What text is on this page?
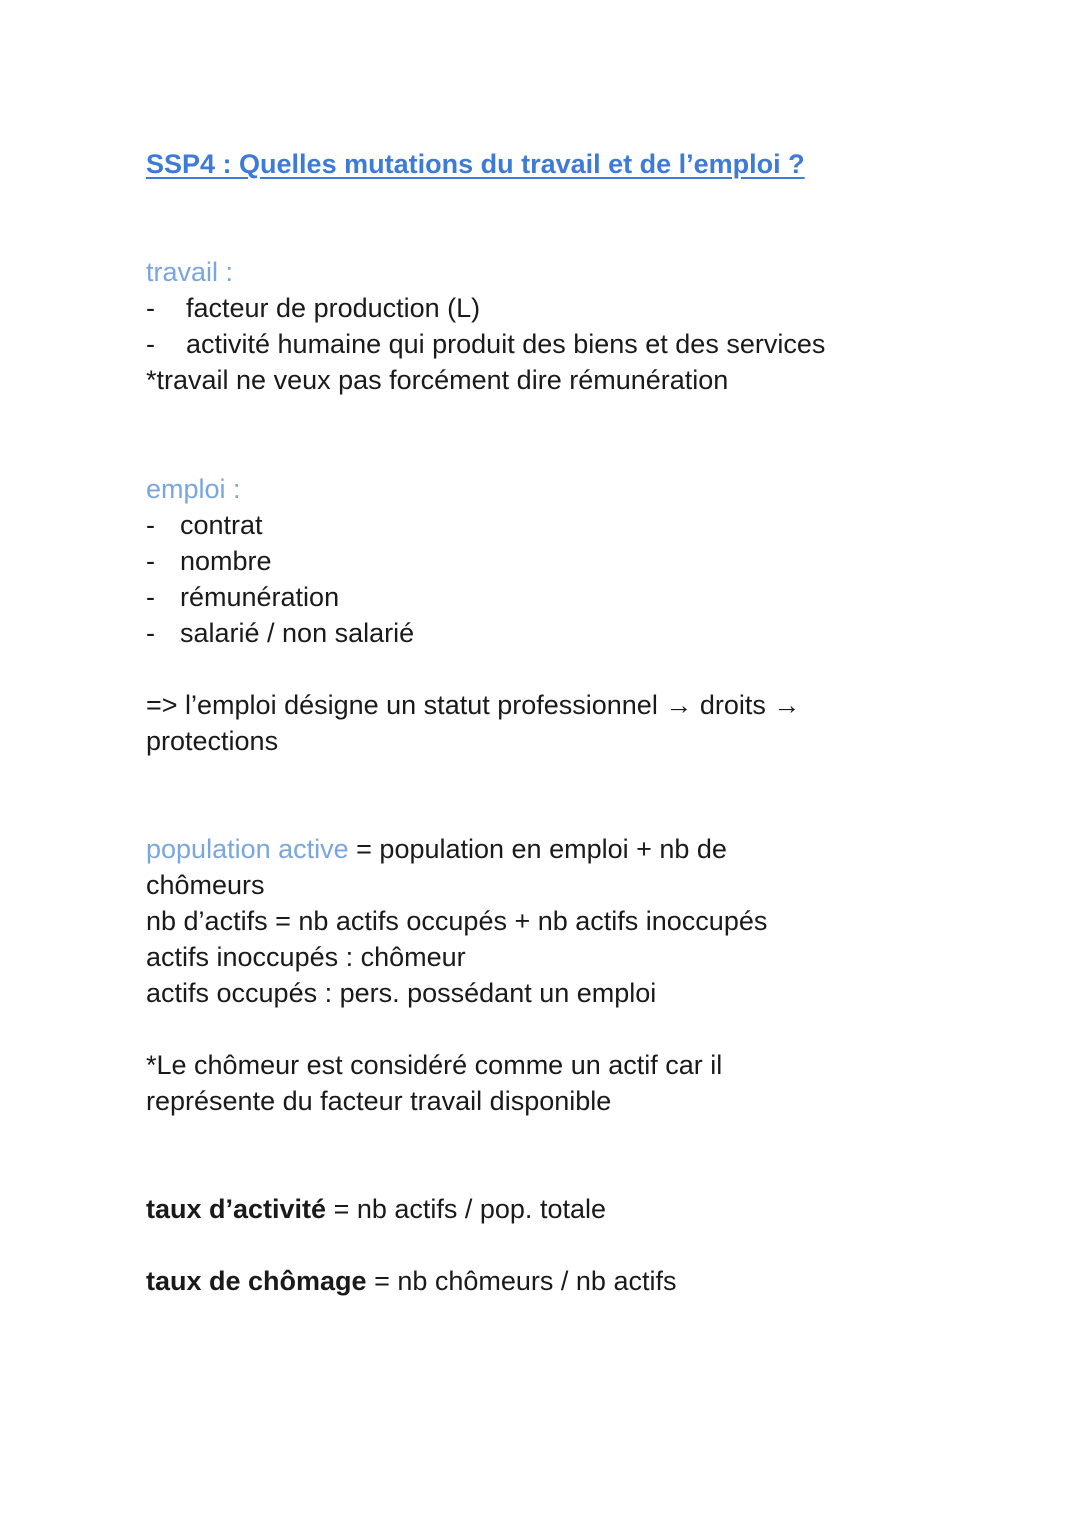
SSP4 : Quelles mutations du travail et de l’emploi ?
travail :
- facteur de production (L)
- activité humaine qui produit des biens et des services
*travail ne veux pas forcément dire rémunération
emploi :
- contrat
- nombre
- rémunération
- salarié / non salarié
=> l’emploi désigne un statut professionnel → droits →
protections
population active = population en emploi + nb de
chômeurs
nb d’actifs = nb actifs occupés + nb actifs inoccupés
actifs inoccupés : chômeur
actifs occupés : pers. possédant un emploi
*Le chômeur est considéré comme un actif car il
représente du facteur travail disponible
taux d’activité = nb actifs / pop. totale
taux de chômage = nb chômeurs / nb actifs
